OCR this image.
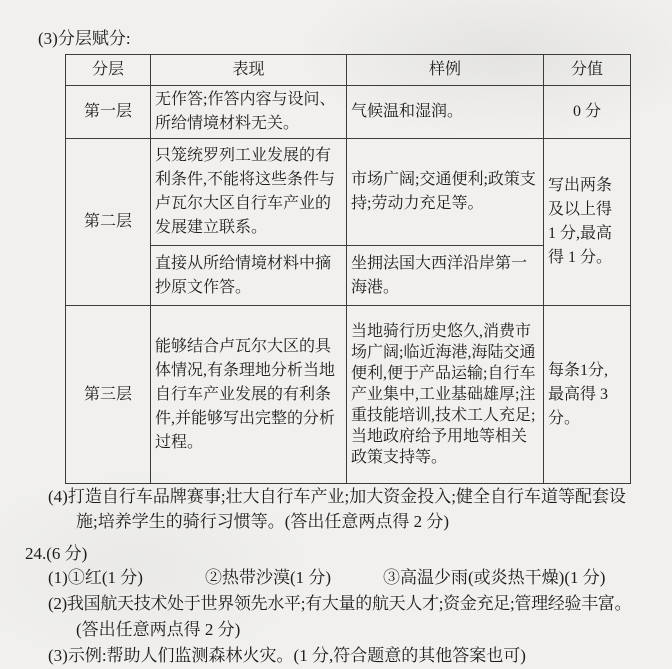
(3)分层赋分:
分层	表现	样例	分值
第一层	无作答;作答内容与设问、所给情境材料无关。	气候温和湿润。	0 分
第二层	只笼统罗列工业发展的有利条件,不能将这些条件与卢瓦尔大区自行车产业的发展建立联系。	市场广阔;交通便利;政策支持;劳动力充足等。	写出两条及以上得 1 分,最高得 1 分。

	直接从所给情境材料中摘抄原文作答。	坐拥法国大西洋沿岸第一海港。	
第三层	能够结合卢瓦尔大区的具体情况,有条理地分析当地自行车产业发展的有利条件,并能够写出完整的分析过程。	当地骑行历史悠久,消费市场广阔;临近海港,海陆交通便利,便于产品运输;自行车产业集中,工业基础雄厚;注重技能培训,技术工人充足;当地政府给予用地等相关政策支持等。	每条1分,最高得 3 分。
(4)打造自行车品牌赛事;壮大自行车产业;加大资金投入;健全自行车道等配套设
施;培养学生的骑行习惯等。(答出任意两点得 2 分)
24.(6 分)
(1)①红(1 分)	②热带沙漠(1 分)	③高温少雨(或炎热干燥)(1 分)
(2)我国航天技术处于世界领先水平;有大量的航天人才;资金充足;管理经验丰富。
(答出任意两点得 2 分)
(3)示例:帮助人们监测森林火灾。(1 分,符合题意的其他答案也可)
